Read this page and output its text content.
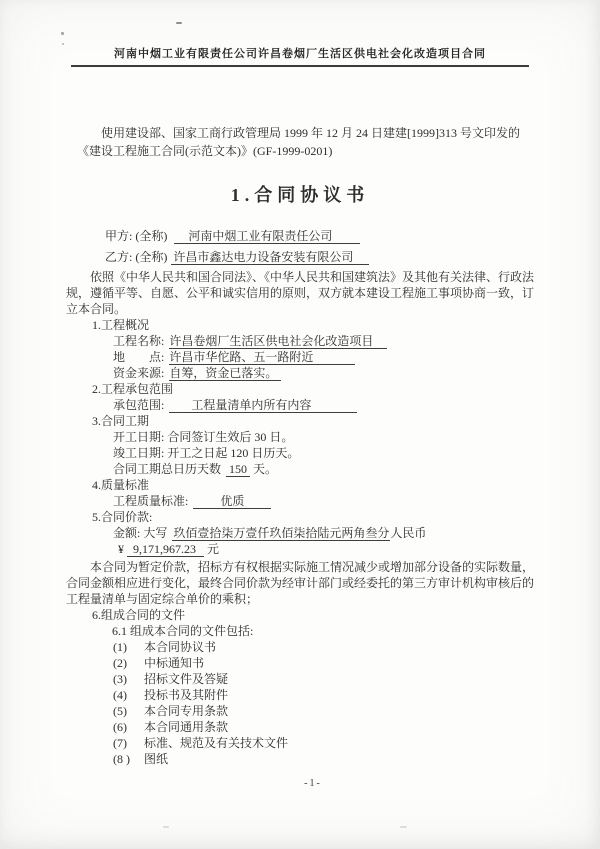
河南中烟工业有限责任公司许昌卷烟厂生活区供电社会化改造项目合同

使用建设部、国家工商行政管理局 1999 年 12 月 24 日建建[1999]313 号文印发的《建设工程施工合同(示范文本)》(GF-1999-0201)

1.合同协议书
甲方: (全称) 河南中烟工业有限责任公司
乙方: (全称) 许昌市鑫达电力设备安装有限公司

依照《中华人民共和国合同法》、《中华人民共和国建筑法》及其他有关法律、行政法规，遵循平等、自愿、公平和诚实信用的原则，双方就本建设工程施工事项协商一致，订立本合同。

1.工程概况
工程名称: 许昌卷烟厂生活区供电社会化改造项目
地　　点: 许昌市华佗路、五一路附近
资金来源: 自筹，资金已落实。
2.工程承包范围
承包范围: 工程量清单内所有内容
3.合同工期
开工日期: 合同签订生效后 30 日。
竣工日期: 开工之日起 120 日历天。
合同工期总日历天数 150 天。
4.质量标准
工程质量标准:	优质
5.合同价款:
金额: 大写 玖佰壹拾柒万壹仟玖佰柒拾陆元两角叁分人民币
¥ 9,171,967.23 元

本合同为暂定价款，招标方有权根据实际施工情况减少或增加部分设备的实际数量，合同金额相应进行变化，最终合同价款为经审计部门或经委托的第三方审计机构审核后的工程量清单与固定综合单价的乘积；

6.组成合同的文件
6.1 组成本合同的文件包括:
(1) 本合同协议书
(2) 中标通知书
(3) 招标文件及答疑
(4) 投标书及其附件
(5) 本合同专用条款
(6) 本合同通用条款
(7) 标准、规范及有关技术文件
(8 ) 图纸
-1-
